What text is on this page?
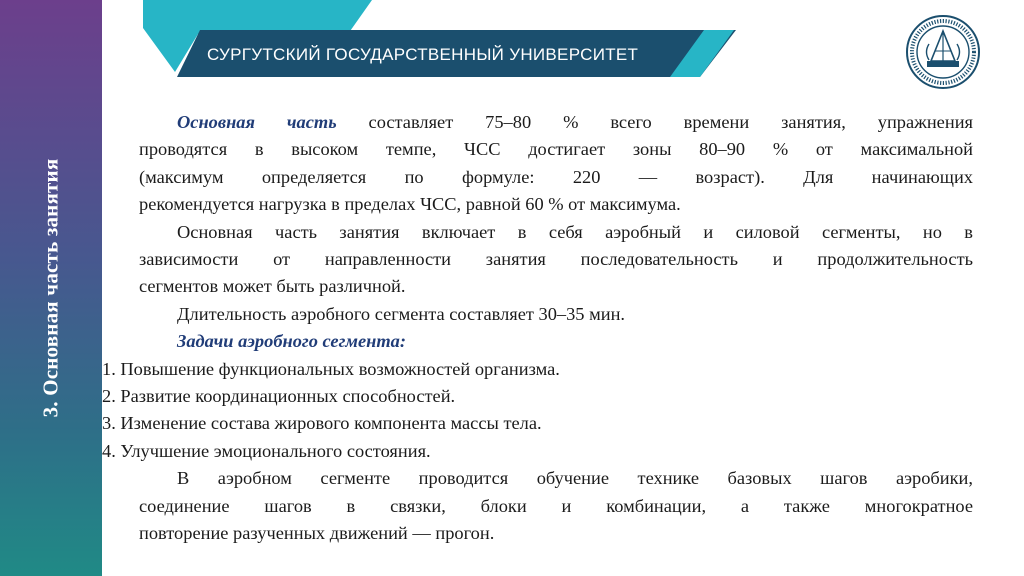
3. Основная часть занятия
СУРГУТСКИЙ ГОСУДАРСТВЕННЫЙ УНИВЕРСИТЕТ

Основная часть составляет 75–80 % всего времени занятия, упражнения

проводятся в высоком темпе, ЧСС достигает зоны 80–90 % от максимальной

(максимум определяется по формуле: 220 — возраст). Для начинающих

рекомендуется нагрузка в пределах ЧСС, равной 60 % от максимума.

Основная часть занятия включает в себя аэробный и силовой сегменты, но в

зависимости от направленности занятия последовательность и продолжительность

сегментов может быть различной.

Длительность аэробного сегмента составляет 30–35 мин.

Задачи аэробного сегмента:

1. Повышение функциональных возможностей организма.

2. Развитие координационных способностей.

3. Изменение состава жирового компонента массы тела.

4. Улучшение эмоционального состояния.

В аэробном сегменте проводится обучение технике базовых шагов аэробики,

соединение шагов в связки, блоки и комбинации, а также многократное

повторение разученных движений — прогон.
